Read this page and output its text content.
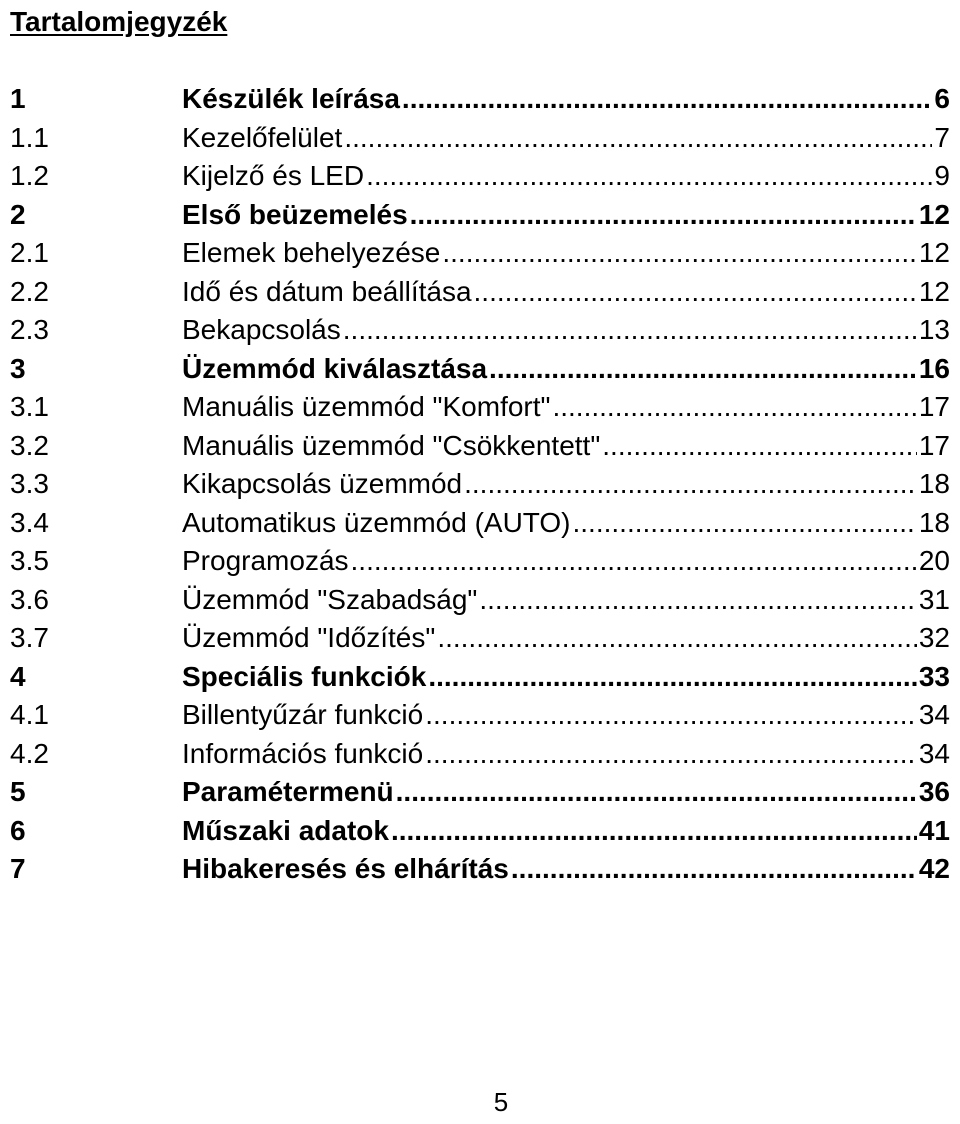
Tartalomjegyzék
1	Készülék leírása .....	6
1.1	Kezelőfelület .....	7
1.2	Kijelző és LED .....	9
2	Első beüzemelés .....	12
2.1	Elemek behelyezése .....	12
2.2	Idő és dátum beállítása .....	12
2.3	Bekapcsolás .....	13
3	Üzemmód kiválasztása .....	16
3.1	Manuális üzemmód "Komfort" .....	17
3.2	Manuális üzemmód "Csökkentett" .....	17
3.3	Kikapcsolás üzemmód .....	18
3.4	Automatikus üzemmód (AUTO) .....	18
3.5	Programozás .....	20
3.6	Üzemmód "Szabadság" .....	31
3.7	Üzemmód "Időzítés" .....	32
4	Speciális funkciók .....	33
4.1	Billentyűzár funkció .....	34
4.2	Információs funkció .....	34
5	Paramétermenü .....	36
6	Műszaki adatok .....	41
7	Hibakeresés és elhárítás .....	42
5
